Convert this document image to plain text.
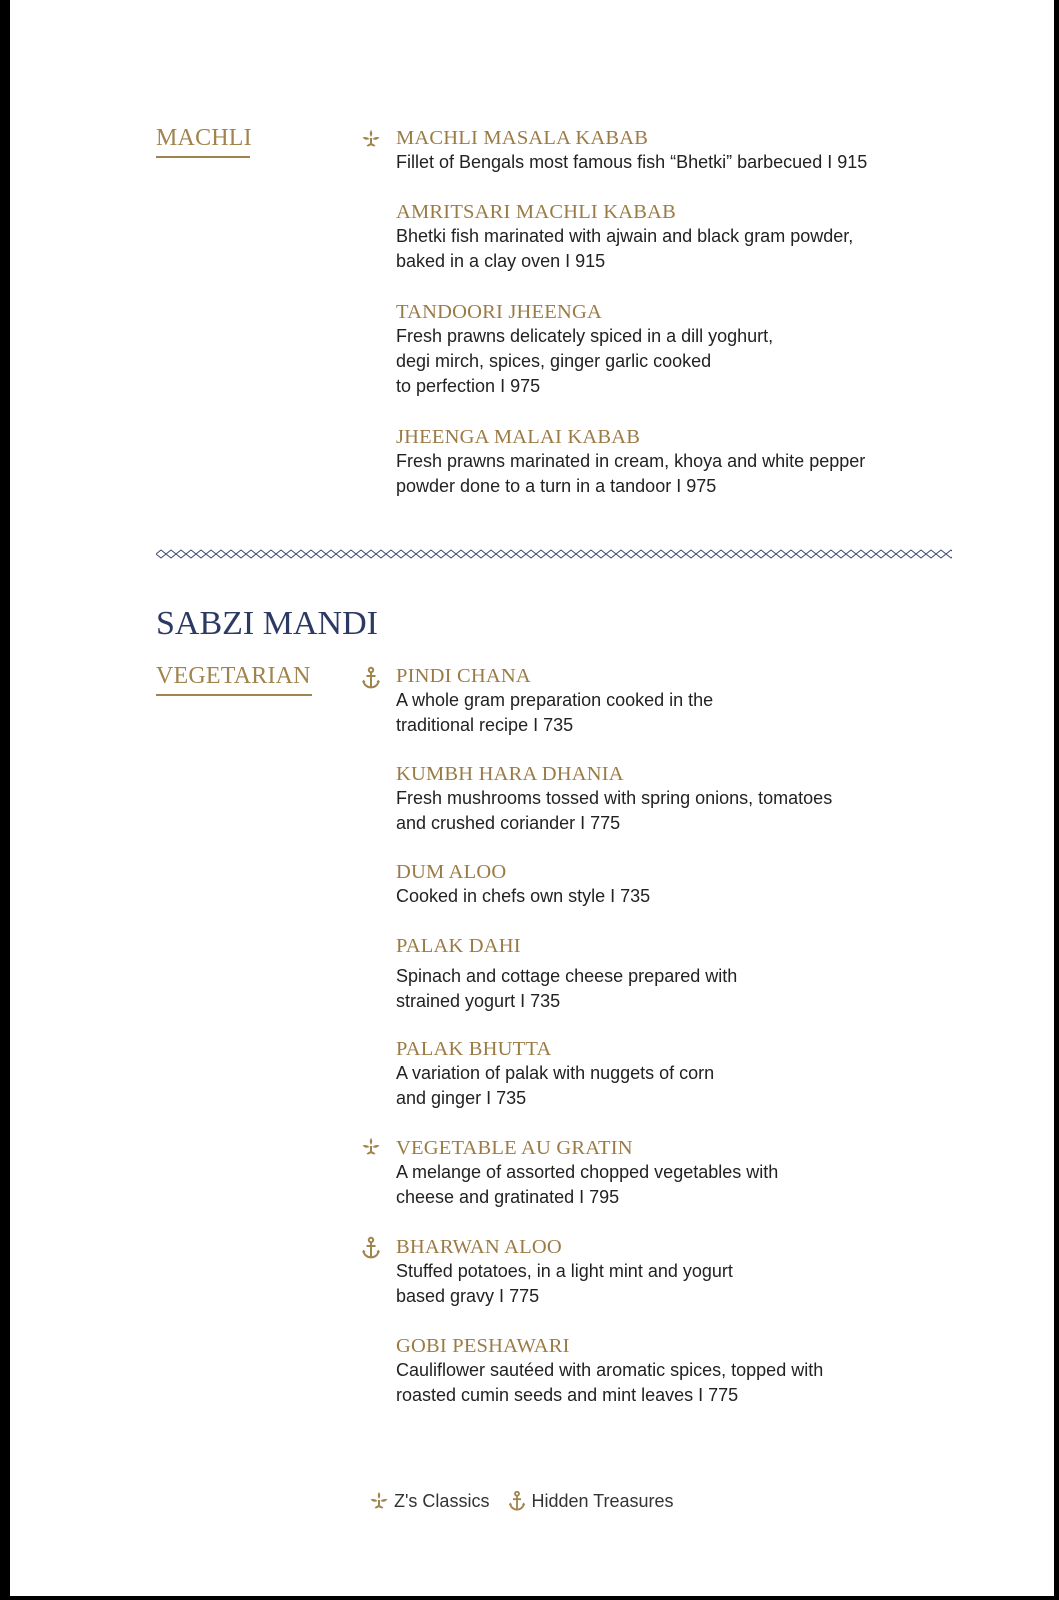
MACHLI	MACHLI MASALA KABAB
Fillet of Bengals most famous fish “Bhetki” barbecued I 915
AMRITSARI MACHLI KABAB
Bhetki fish marinated with ajwain and black gram powder,
baked in a clay oven I 915
TANDOORI JHEENGA
Fresh prawns delicately spiced in a dill yoghurt,
degi mirch, spices, ginger garlic cooked
to perfection I 975
JHEENGA MALAI KABAB
Fresh prawns marinated in cream, khoya and white pepper
powder done to a turn in a tandoor I 975
SABZI MANDI
VEGETARIAN	PINDI CHANA
A whole gram preparation cooked in the
traditional recipe I 735
KUMBH HARA DHANIA
Fresh mushrooms tossed with spring onions, tomatoes
and crushed coriander I 775
DUM ALOO
Cooked in chefs own style I 735
PALAK DAHI
Spinach and cottage cheese prepared with
strained yogurt I 735
PALAK BHUTTA
A variation of palak with nuggets of corn
and ginger I 735
VEGETABLE AU GRATIN
A melange of assorted chopped vegetables with
cheese and gratinated I 795
BHARWAN ALOO
Stuffed potatoes, in a light mint and yogurt
based gravy I 775
GOBI PESHAWARI
Cauliflower sautéed with aromatic spices, topped with
roasted cumin seeds and mint leaves I 775
Z's Classics Hidden Treasures
